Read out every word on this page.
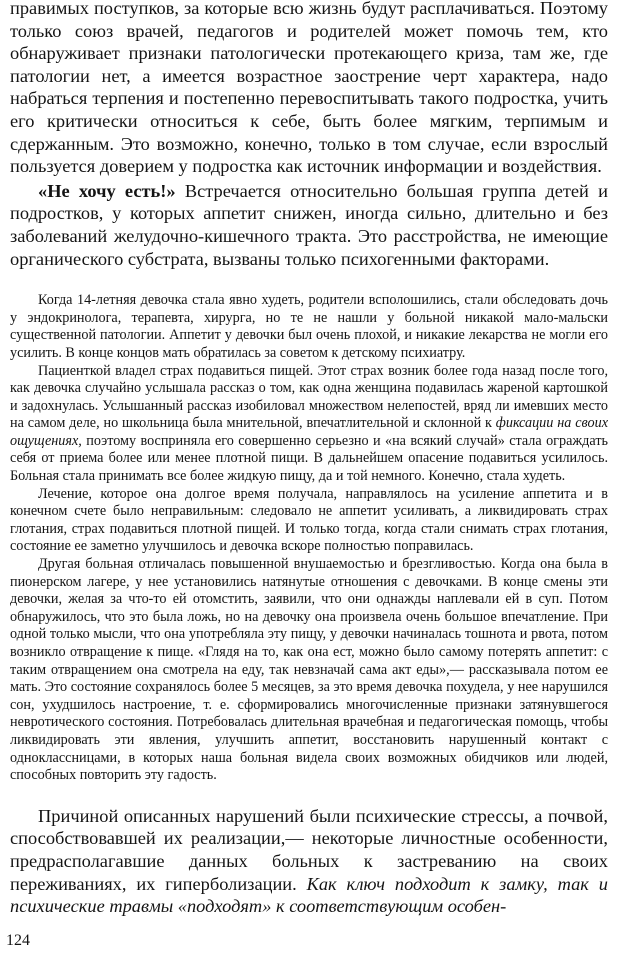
правимых поступков, за которые всю жизнь будут расплачиваться. Поэтому только союз врачей, педагогов и родителей может помочь тем, кто обнаруживает признаки патологически протекающего криза, там же, где патологии нет, а имеется возрастное заострение черт характера, надо набраться терпения и постепенно перевоспитывать такого подростка, учить его критически относиться к себе, быть более мягким, терпимым и сдержанным. Это возможно, конечно, только в том случае, если взрослый пользуется доверием у подростка как источник информации и воздействия.

«Не хочу есть!» Встречается относительно большая группа детей и подростков, у которых аппетит снижен, иногда сильно, длительно и без заболеваний желудочно-кишечного тракта. Это расстройства, не имеющие органического субстрата, вызваны только психогенными факторами.

Когда 14-летняя девочка стала явно худеть, родители всполошились, стали обследовать дочь у эндокринолога, терапевта, хирурга, но те не нашли у больной никакой мало-мальски существенной патологии. Аппетит у девочки был очень плохой, и никакие лекарства не могли его усилить. В конце концов мать обратилась за советом к детскому психиатру.

Пациенткой владел страх подавиться пищей. Этот страх возник более года назад после того, как девочка случайно услышала рассказ о том, как одна женщина подавилась жареной картошкой и задохнулась. Услышанный рассказ изобиловал множеством нелепостей, вряд ли имевших место на самом деле, но школьница была мнительной, впечатлительной и склонной к фиксации на своих ощущениях, поэтому восприняла его совершенно серьезно и «на всякий случай» стала ограждать себя от приема более или менее плотной пищи. В дальнейшем опасение подавиться усилилось. Больная стала принимать все более жидкую пищу, да и той немного. Конечно, стала худеть.

Лечение, которое она долгое время получала, направлялось на усиление аппетита и в конечном счете было неправильным: следовало не аппетит усиливать, а ликвидировать страх глотания, страх подавиться плотной пищей. И только тогда, когда стали снимать страх глотания, состояние ее заметно улучшилось и девочка вскоре полностью поправилась.

Другая больная отличалась повышенной внушаемостью и брезгливостью. Когда она была в пионерском лагере, у нее установились натянутые отношения с девочками. В конце смены эти девочки, желая за что-то ей отомстить, заявили, что они однажды наплевали ей в суп. Потом обнаружилось, что это была ложь, но на девочку она произвела очень большое впечатление. При одной только мысли, что она употребляла эту пищу, у девочки начиналась тошнота и рвота, потом возникло отвращение к пище. «Глядя на то, как она ест, можно было самому потерять аппетит: с таким отвращением она смотрела на еду, так невзначай сама акт еды»,— рассказывала потом ее мать. Это состояние сохранялось более 5 месяцев, за это время девочка похудела, у нее нарушился сон, ухудшилось настроение, т. е. сформировались многочисленные признаки затянувшегося невротического состояния. Потребовалась длительная врачебная и педагогическая помощь, чтобы ликвидировать эти явления, улучшить аппетит, восстановить нарушенный контакт с одноклассницами, в которых наша больная видела своих возможных обидчиков или людей, способных повторить эту гадость.

Причиной описанных нарушений были психические стрессы, а почвой, способствовавшей их реализации,— некоторые личностные особенности, предрасполагавшие данных больных к застреванию на своих переживаниях, их гиперболизации. Как ключ подходит к замку, так и психические травмы «подходят» к соответствующим особен-

124
